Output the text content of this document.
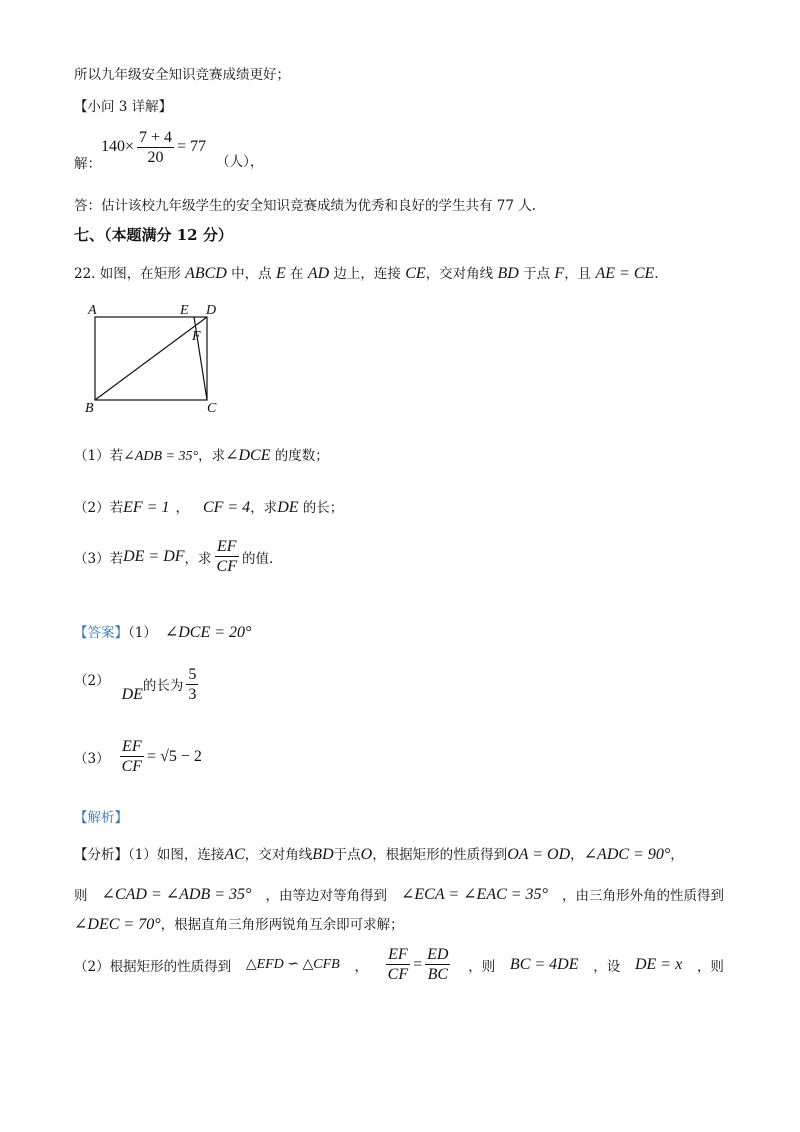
所以九年级安全知识竞赛成绩更好；
【小问 3 详解】
解：
$140\times \frac{7 + 4}{20} = 77$
（人），
答：估计该校九年级学生的安全知识竞赛成绩为优秀和良好的学生共有 77 人.
七、（本题满分 12 分）
22. 如图，在矩形 ABCD 中，点 E 在 AD 边上，连接 CE，交对角线 BD 于点 F，且 AE = CE.
A	E D
F
B	C
（1）若∠ADB = 35°，求∠DCE 的度数；
（2）若EF = 1 ， CF = 4，求DE 的长；
（3）若 DE = DF ，求 $\frac{EF}{CF}$ 的值.
【答案】（1） ∠DCE = 20°
（2）
DE 的长为 $\frac{5}{3}$
$(3) \frac{EF}{CF} = √5 - 2$
【解析】
【分析】（1）如图，连接AC，交对角线BD于点O，根据矩形的性质得到OA = OD，∠ADC = 90°，
则 ∠CAD = ∠ADB = 35° ，由等边对等角得到 ∠ECA = ∠EAC = 35° ，由三角形外角的性质得到
∠DEC = 70°，根据直角三角形两锐角互余即可求解；
（2）根据矩形的性质得到 △EFD ∽ △CFB ， $\frac{EF}{CF} = \frac{ED}{BC}$ ，则 BC = 4DE ，设 DE = x ，则
